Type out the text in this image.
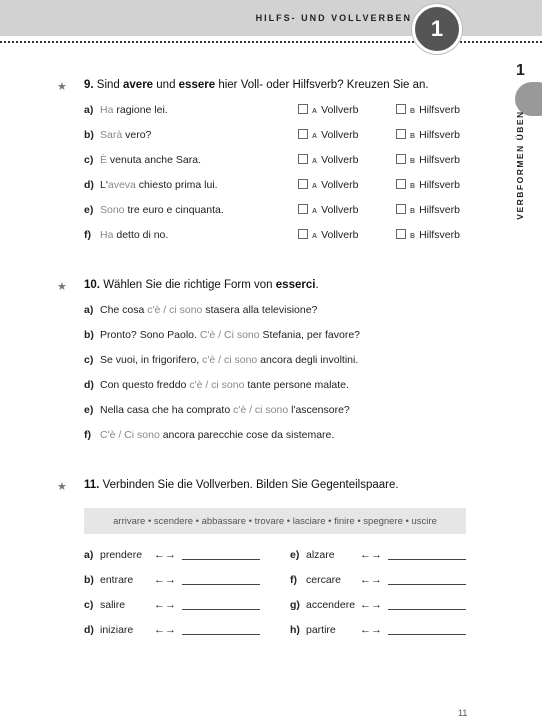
HILFS- UND VOLLVERBEN 1
1
VERBFORMEN ÜBEN
★ 9. Sind avere und essere hier Voll- oder Hilfsverb? Kreuzen Sie an.
a) Ha ragione lei.	A Vollverb	B Hilfsverb
b) Sarà vero?	A Vollverb	B Hilfsverb
c) È venuta anche Sara.	A Vollverb	B Hilfsverb
d) L'aveva chiesto prima lui.	A Vollverb	B Hilfsverb
e) Sono tre euro e cinquanta.	A Vollverb	B Hilfsverb
f) Ha detto di no.	A Vollverb	B Hilfsverb
★ 10. Wählen Sie die richtige Form von esserci.
a) Che cosa c'è / ci sono stasera alla televisione?
b) Pronto? Sono Paolo. C'è / Ci sono Stefania, per favore?
c) Se vuoi, in frigorifero, c'è / ci sono ancora degli involtini.
d) Con questo freddo c'è / ci sono tante persone malate.
e) Nella casa che ha comprato c'è / ci sono l'ascensore?
f) C'è / Ci sono ancora parecchie cose da sistemare.
★ 11. Verbinden Sie die Vollverben. Bilden Sie Gegenteilspaare.
arrivare • scendere • abbassare • trovare • lasciare • finire • spegnere • uscire
a) prendere ←→
b) entrare ←→
c) salire	←→
d) iniziare ←→
e) alzare ←→
f) cercare ←→
g) accendere ←→
h) partire ←→
11
